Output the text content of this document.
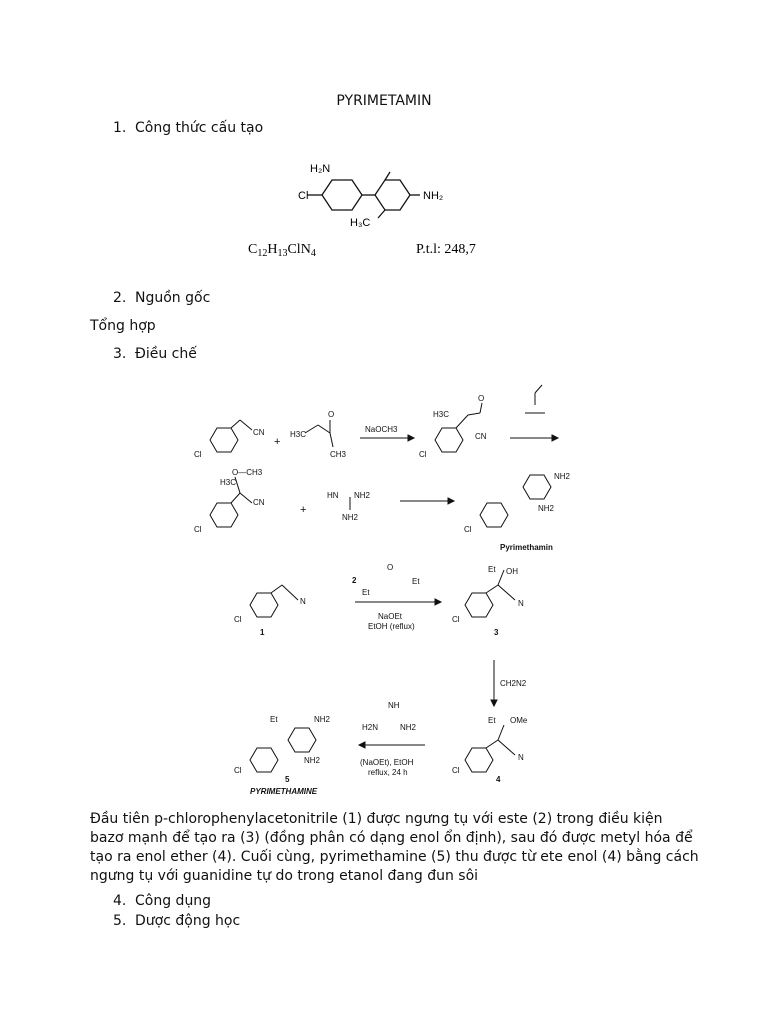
PYRIMETAMIN
1. Công thức cấu tạo
H₂N
Cl	NH₂
H₃C
$C_{12}H_{13}ClN_4$	P.t.l: 248,7
2. Nguồn gốc
Tổng hợp
3. Điều chế
Cl
CN
+
H3C
O
CH3
NaOCH3
Cl
H3C
O
CN
Cl
H3C
O—CH3
CN
+
HN NH2
NH2
Cl
NH2
NH2
Pyrimethamin
Cl
N
1
2
Et
O
Et
NaOEt
EtOH (reflux)
Cl
Et OH
N
3
CH2N2
Et OMe
N
Cl
4
NH
H2N	NH2
(NaOEt), EtOH
reflux, 24 h
Et	NH2
NH2
Cl
5
PYRIMETHAMINE
Đầu tiên p-chlorophenylacetonitrile (1) được ngưng tụ với este (2) trong điều kiện bazơ mạnh để tạo ra (3) (đồng phân có dạng enol ổn định), sau đó được metyl hóa để tạo ra enol ether (4). Cuối cùng, pyrimethamine (5) thu được từ ete enol (4) bằng cách ngưng tụ với guanidine tự do trong etanol đang đun sôi
4. Công dụng
5. Dược động học
